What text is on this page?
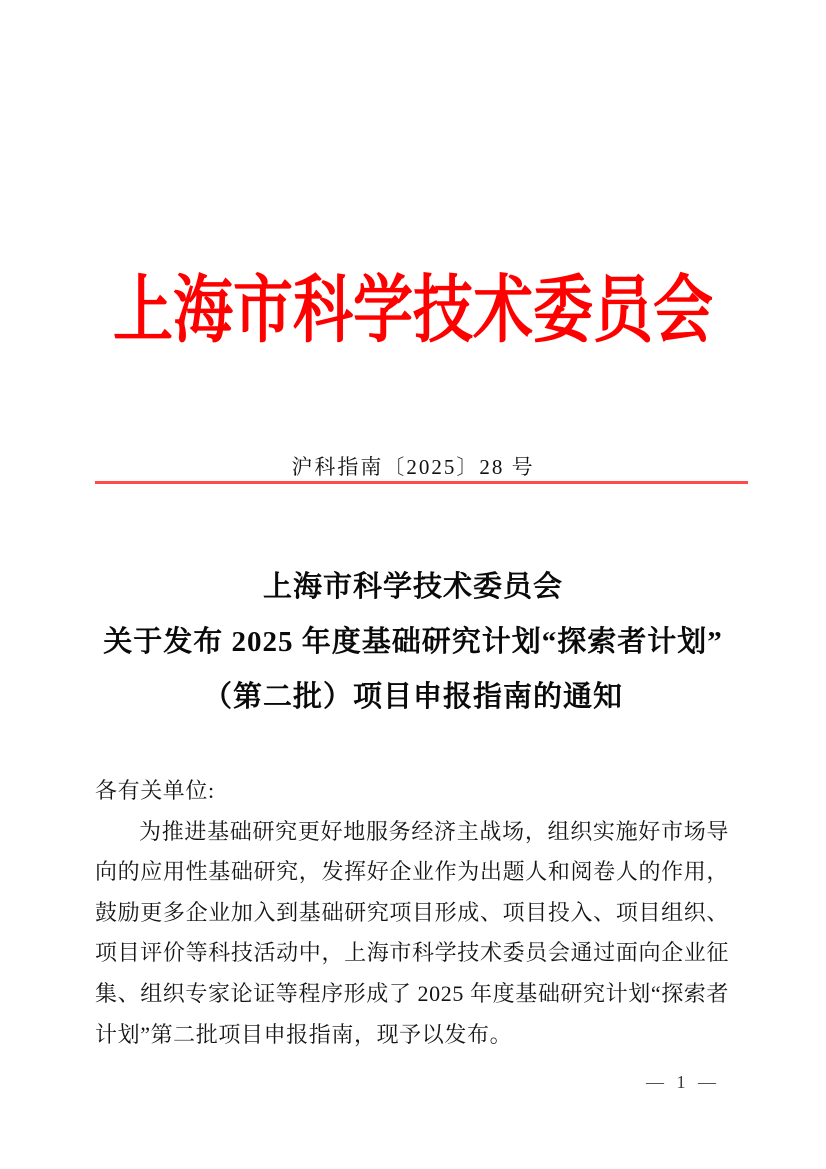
上海市科学技术委员会
沪科指南〔2025〕28 号
上海市科学技术委员会
关于发布 2025 年度基础研究计划“探索者计划”
（第二批）项目申报指南的通知
各有关单位:
为推进基础研究更好地服务经济主战场，组织实施好市场导向的应用性基础研究，发挥好企业作为出题人和阅卷人的作用，鼓励更多企业加入到基础研究项目形成、项目投入、项目组织、项目评价等科技活动中，上海市科学技术委员会通过面向企业征集、组织专家论证等程序形成了 2025 年度基础研究计划“探索者计划”第二批项目申报指南，现予以发布。
— 1 —
